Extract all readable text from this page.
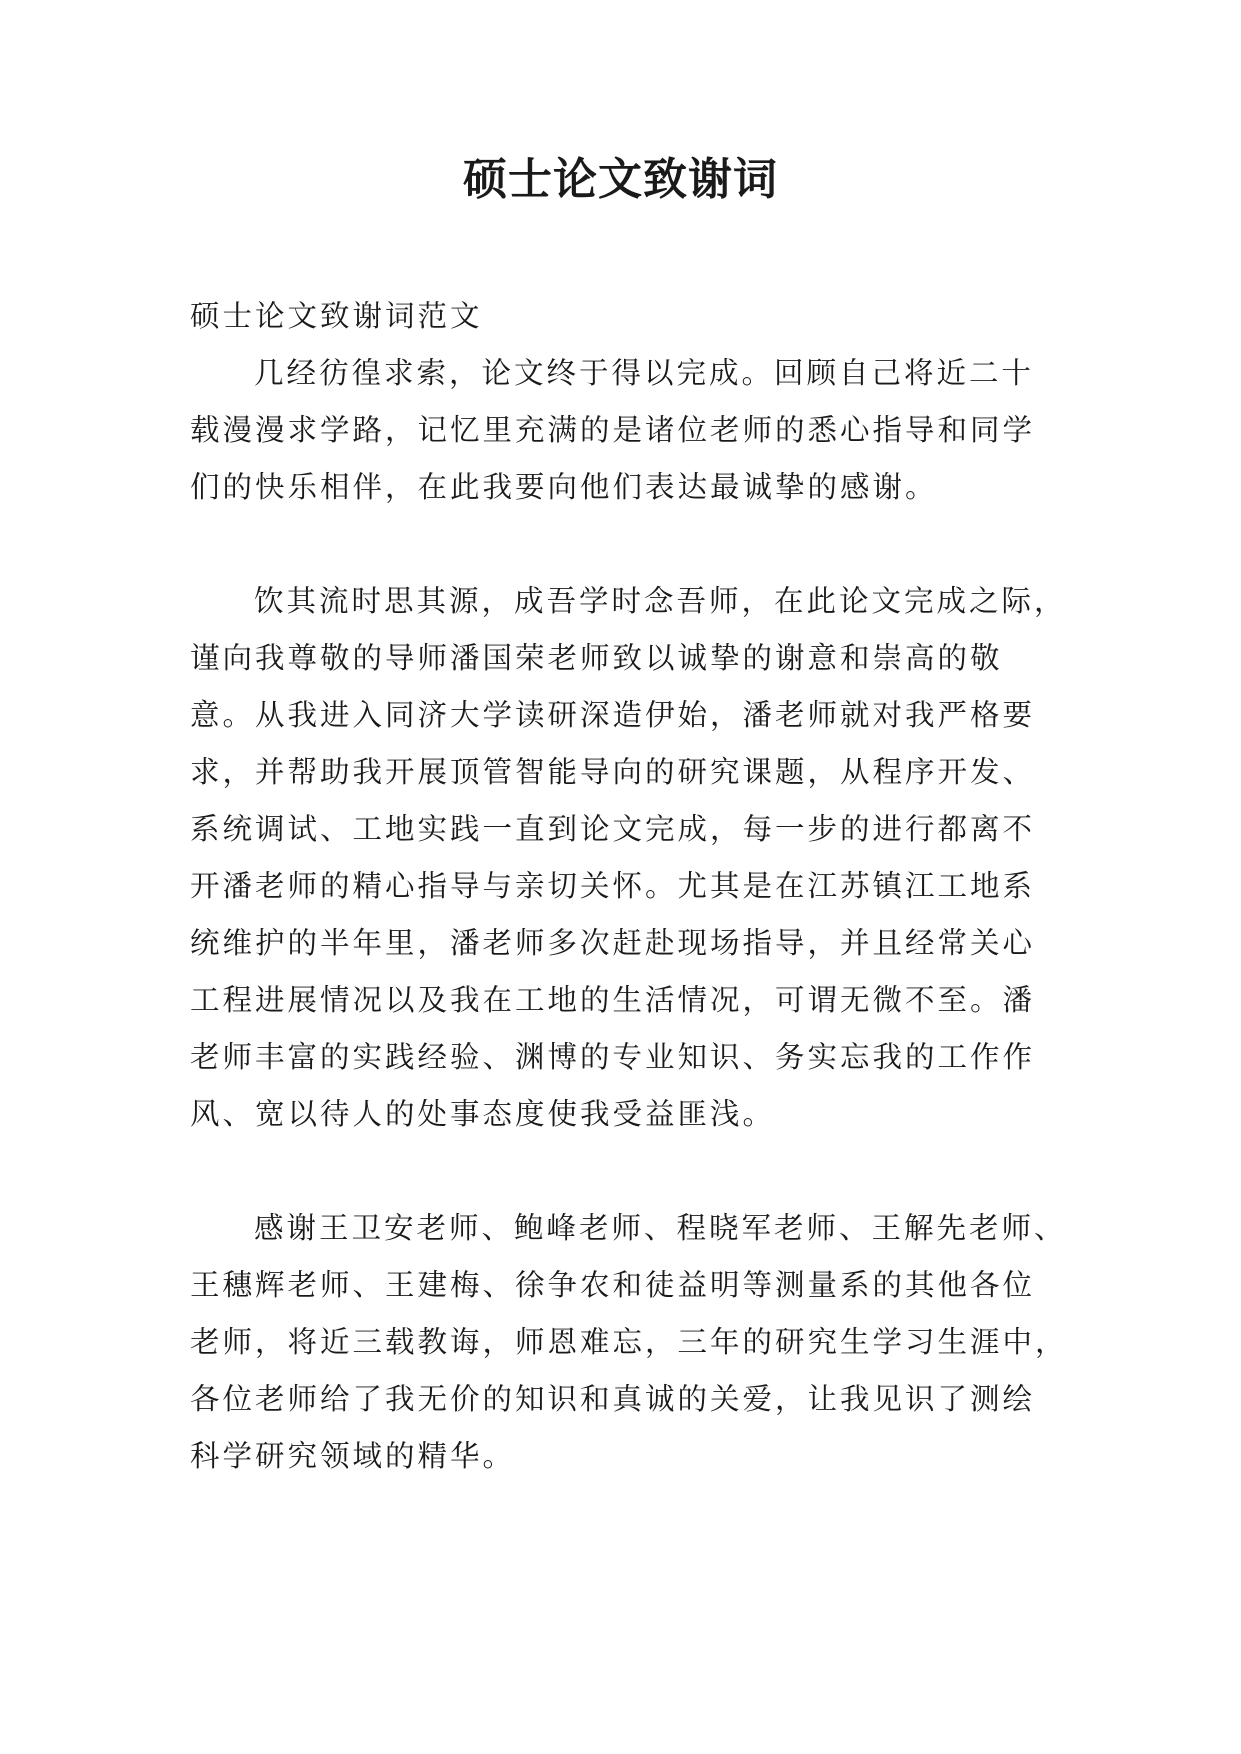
硕士论文致谢词

硕士论文致谢词范文

几经彷徨求索，论文终于得以完成。回顾自己将近二十
载漫漫求学路，记忆里充满的是诸位老师的悉心指导和同学
们的快乐相伴，在此我要向他们表达最诚挚的感谢。
饮其流时思其源，成吾学时念吾师，在此论文完成之际，
谨向我尊敬的导师潘国荣老师致以诚挚的谢意和崇高的敬
意。从我进入同济大学读研深造伊始，潘老师就对我严格要
求，并帮助我开展顶管智能导向的研究课题，从程序开发、
系统调试、工地实践一直到论文完成，每一步的进行都离不
开潘老师的精心指导与亲切关怀。尤其是在江苏镇江工地系
统维护的半年里，潘老师多次赶赴现场指导，并且经常关心
工程进展情况以及我在工地的生活情况，可谓无微不至。潘
老师丰富的实践经验、渊博的专业知识、务实忘我的工作作
风、宽以待人的处事态度使我受益匪浅。
感谢王卫安老师、鲍峰老师、程晓军老师、王解先老师、
王穗辉老师、王建梅、徐争农和徒益明等测量系的其他各位
老师，将近三载教诲，师恩难忘，三年的研究生学习生涯中，
各位老师给了我无价的知识和真诚的关爱，让我见识了测绘
科学研究领域的精华。
